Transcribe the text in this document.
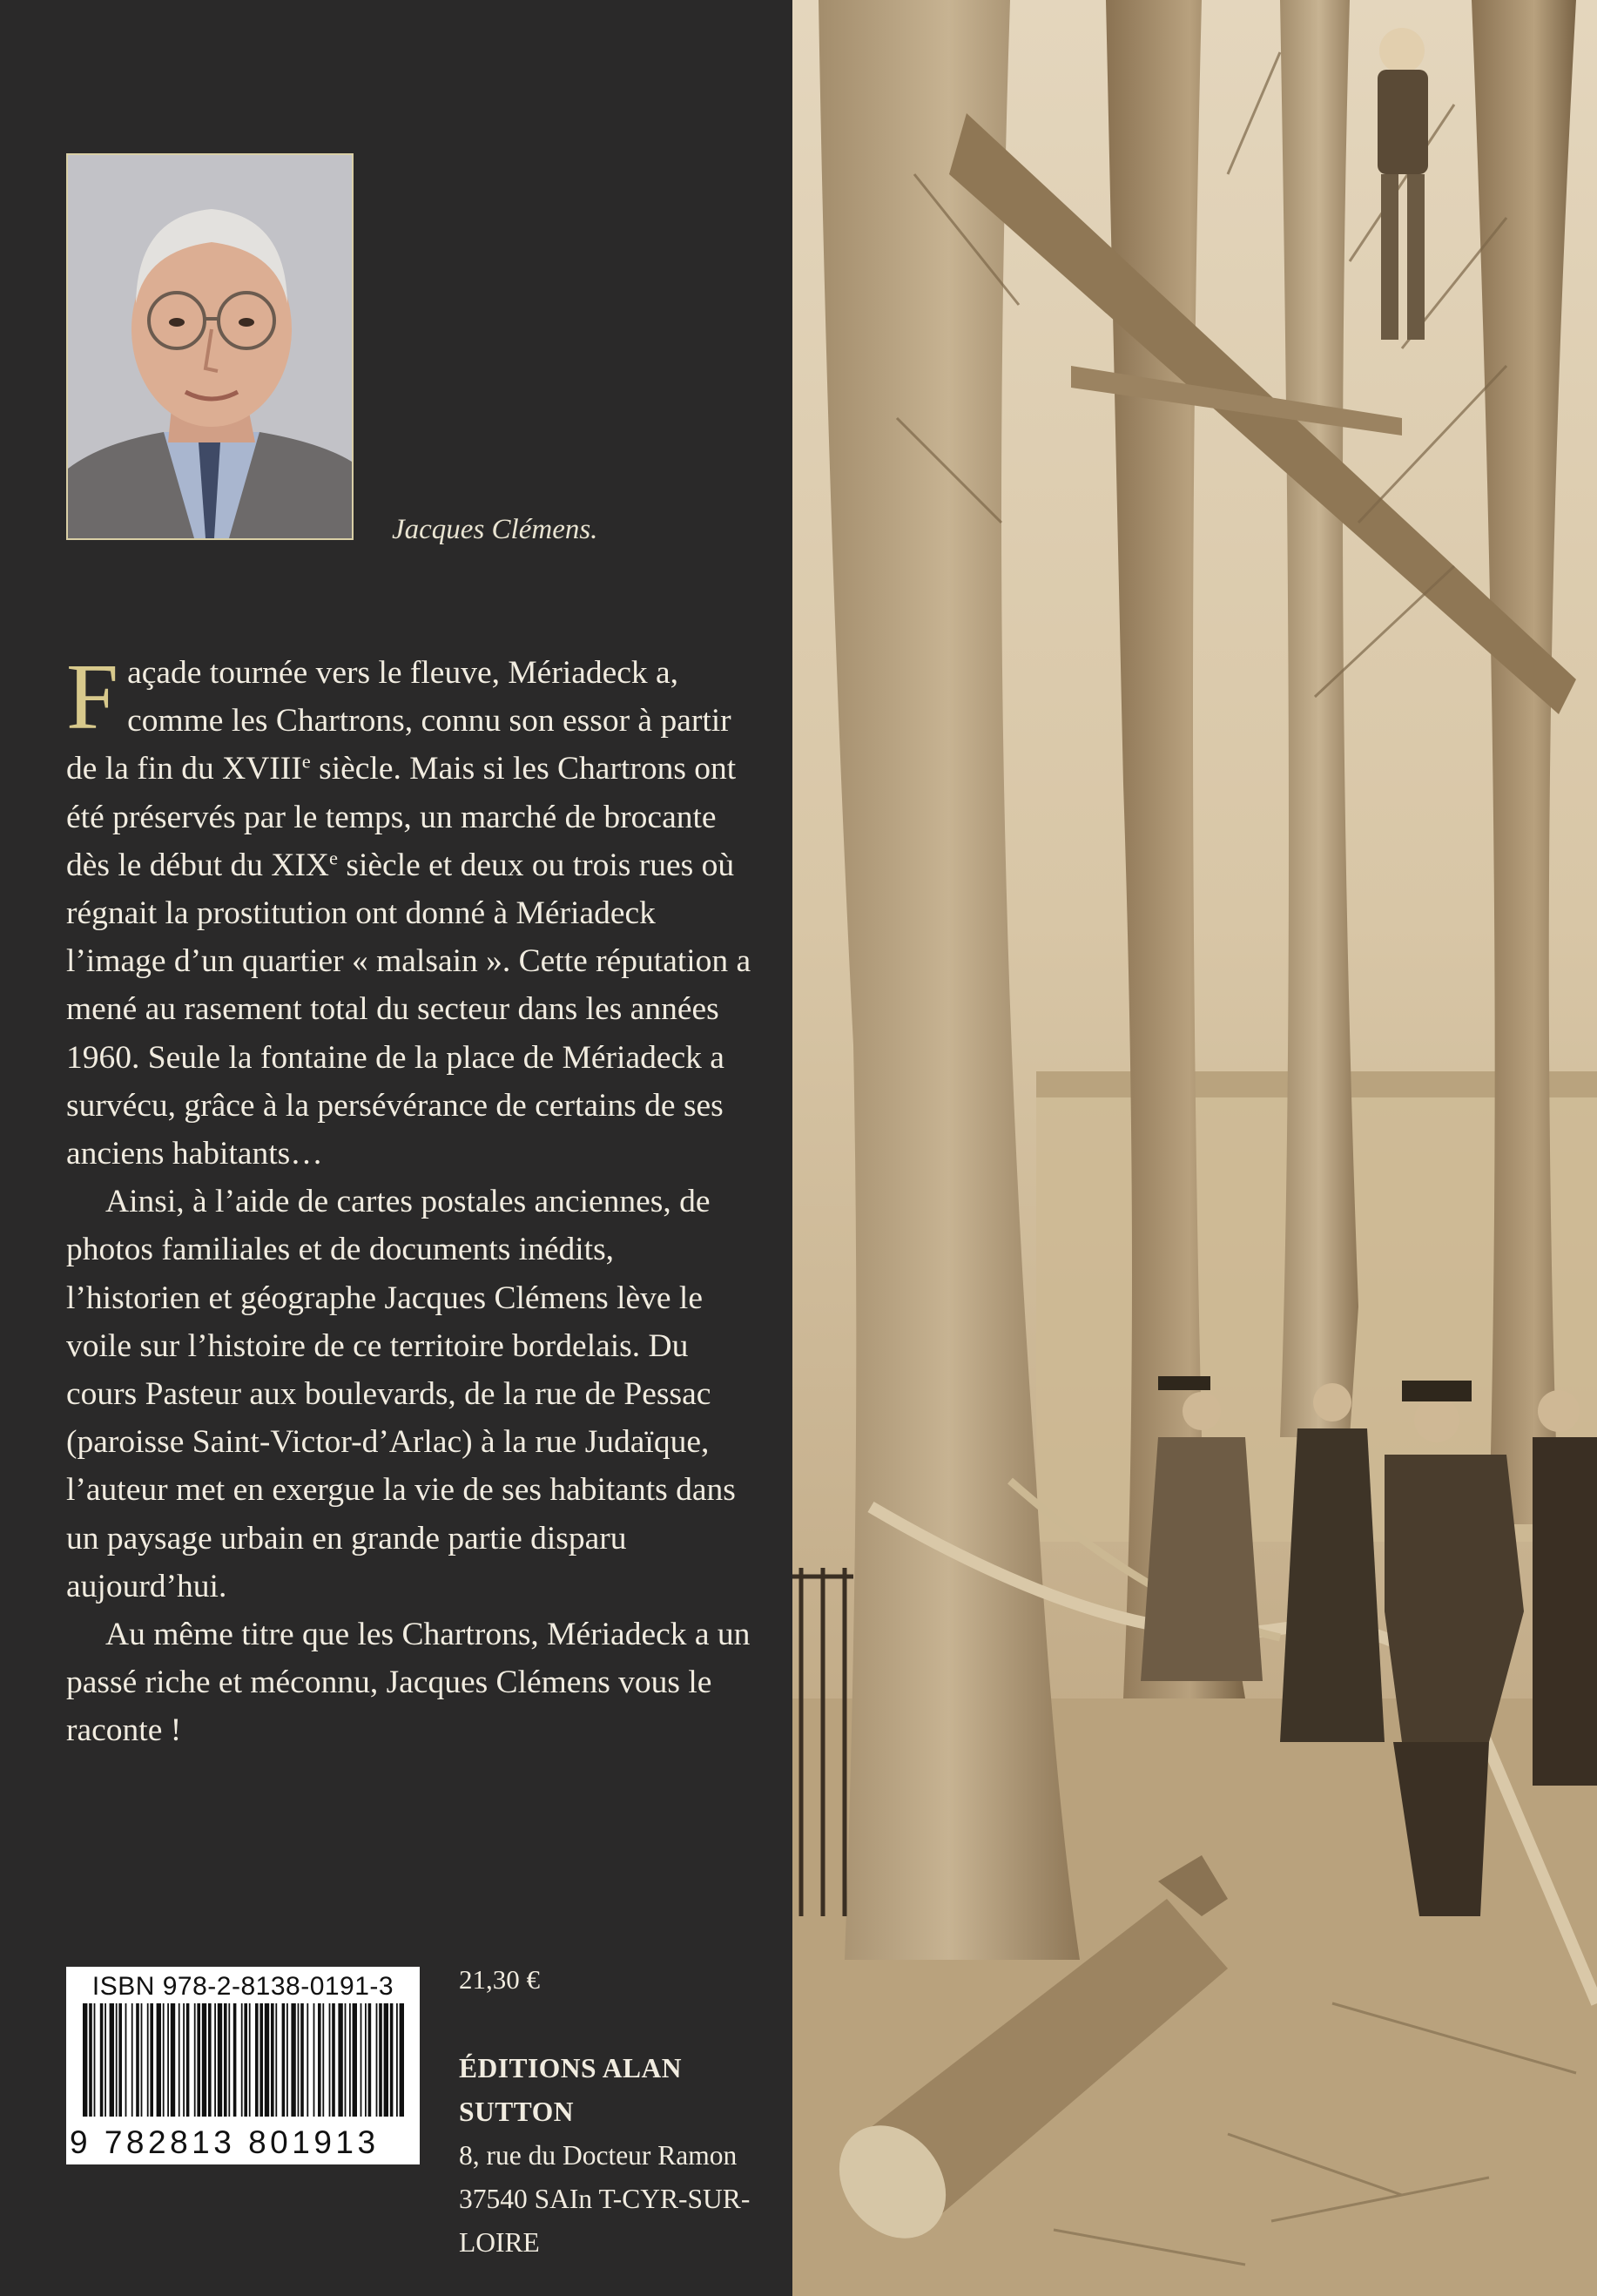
Jacques Clémens.

Façade tournée vers le fleuve, Mériadeck a, comme les Chartrons, connu son essor à partir de la fin du XVIIIe siècle. Mais si les Chartrons ont été préservés par le temps, un marché de brocante dès le début du XIXe siècle et deux ou trois rues où régnait la prostitution ont donné à Mériadeck l’image d’un quartier « malsain ». Cette réputation a mené au rasement total du secteur dans les années 1960. Seule la fontaine de la place de Mériadeck a survécu, grâce à la persévérance de certains de ses anciens habitants…

Ainsi, à l’aide de cartes postales anciennes, de photos familiales et de documents inédits, l’historien et géographe Jacques Clémens lève le voile sur l’histoire de ce territoire bordelais. Du cours Pasteur aux boulevards, de la rue de Pessac (paroisse Saint-Victor-d’Arlac) à la rue Judaïque, l’auteur met en exergue la vie de ses habitants dans un paysage urbain en grande partie disparu aujourd’hui.

Au même titre que les Chartrons, Mériadeck a un passé riche et méconnu, Jacques Clémens vous le raconte !

ISBN 978-2-8138-0191-3
9 782813 801913
21,30 €
ÉDITIONS ALAN SUTTON
8, rue du Docteur Ramon
37540 SAIn T-CYR-SUR-LOIRE
